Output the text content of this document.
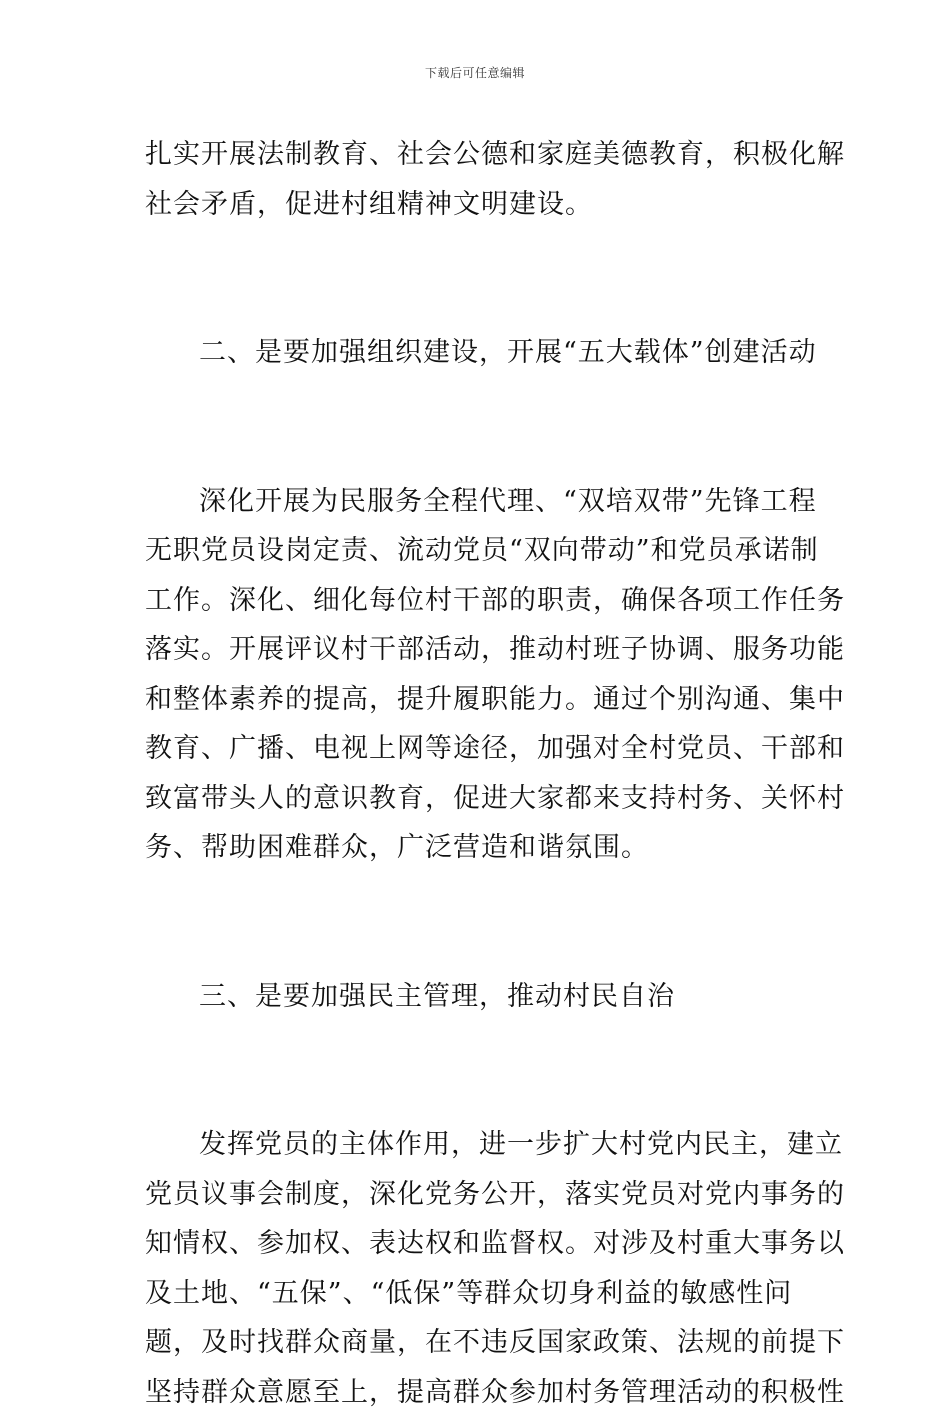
下载后可任意编辑
扎实开展法制教育、社会公德和家庭美德教育，积极化解
社会矛盾，促进村组精神文明建设。
二、是要加强组织建设，开展“五大载体”创建活动
深化开展为民服务全程代理、“双培双带”先锋工程
无职党员设岗定责、流动党员“双向带动”和党员承诺制
工作。深化、细化每位村干部的职责，确保各项工作任务
落实。开展评议村干部活动，推动村班子协调、服务功能
和整体素养的提高，提升履职能力。通过个别沟通、集中
教育、广播、电视上网等途径，加强对全村党员、干部和
致富带头人的意识教育，促进大家都来支持村务、关怀村
务、帮助困难群众，广泛营造和谐氛围。
三、是要加强民主管理，推动村民自治
发挥党员的主体作用，进一步扩大村党内民主，建立
党员议事会制度，深化党务公开，落实党员对党内事务的
知情权、参加权、表达权和监督权。对涉及村重大事务以
及土地、“五保”、“低保”等群众切身利益的敏感性问
题，及时找群众商量，在不违反国家政策、法规的前提下
坚持群众意愿至上，提高群众参加村务管理活动的积极性
